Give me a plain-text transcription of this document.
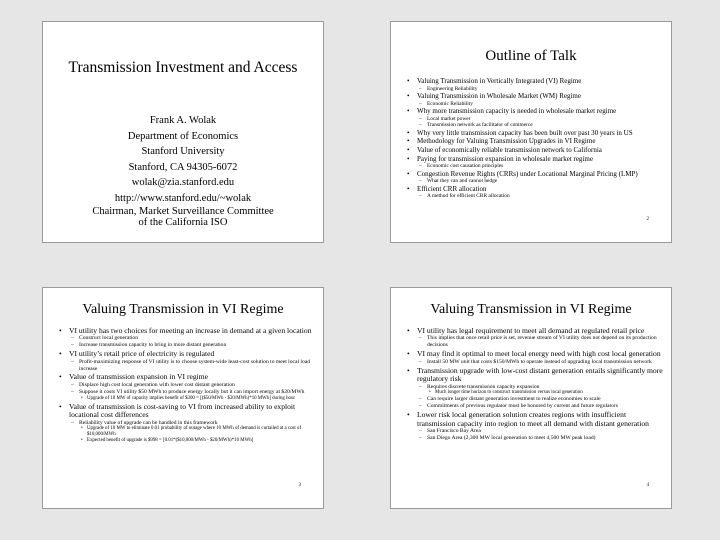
Transmission Investment and Access
Frank A. Wolak
Department of Economics
Stanford University
Stanford, CA 94305-6072
wolak@zia.stanford.edu
http://www.stanford.edu/~wolak
Chairman, Market Surveillance Committee
of the California ISO
Outline of Talk
• Valuing Transmission in Vertically Integrated (VI) Regime
– Engineering Reliability
• Valuing Transmission in Wholesale Market (WM) Regime
– Economic Reliability
• Why more transmission capacity is needed in wholesale market regime
– Local market power
– Transmission network as facilitator of commerce
• Why very little transmission capacity has been built over past 30 years in US
• Methodology for Valuing Transmission Upgrades in VI Regime
• Value of economically reliable transmission network to California
• Paying for transmission expansion in wholesale market regime
– Economic cost causation principles
• Congestion Revenue Rights (CRRs) under Locational Marginal Pricing (LMP)
– What they can and cannot hedge
• Efficient CRR allocation
– A method for efficient CRR allocation
2
Valuing Transmission in VI Regime
• VI utility has two choices for meeting an increase in demand at a given location
– Construct local generation
– Increase transmission capacity to bring in more distant generation
• VI utility’s retail price of electricity is regulated
– Profit-maximizing response of VI utility is to choose system-wide least-cost solution to meet local load increase
• Value of transmission expansion in VI regime
– Displace high cost local generation with lower cost distant generation
– Suppose it costs VI utility $50 MWh to produce energy locally but it can import energy at $20/MWh
• Upgrade of 10 MW of capacity implies benefit of $300 = [($50/MWh - $20/MWh)*10 MWh] during hour
• Value of transmission is cost-saving to VI from increased ability to exploit locational cost differences
– Reliability value of upgrade can be handled in this framework
• Upgrade of 10 MW to eliminate 0.01 probability of outage where 10 MWh of demand is curtailed at a cost of $10,000/MWh
• Expected benefit of upgrade is $998 = [0.01*($10,000/MWh - $20/MWh)*10 MWh]
3
Valuing Transmission in VI Regime
• VI utility has legal requirement to meet all demand at regulated retail price
– This implies that once retail price is set, revenue stream of VI utility does not depend on its production decisions
• VI may find it optimal to meet local energy need with high cost local generation
– Install 50 MW unit that costs $150/MWh to operate instead of upgrading local transmission network
• Transmission upgrade with low-cost distant generation entails significantly more regulatory risk
– Requires discrete transmission capacity expansion
• Much longer time horizon to construct transmission versus local generation
– Can require larger distant generation investment to realize economies to scale
– Commitments of previous regulator must be honored by current and future regulators
• Lower risk local generation solution creates regions with insufficient transmission capacity into region to meet all demand with distant generation
– San Francisco Bay Area
– San Diego Area (2,300 MW local generation to meet 4,500 MW peak load)
4
